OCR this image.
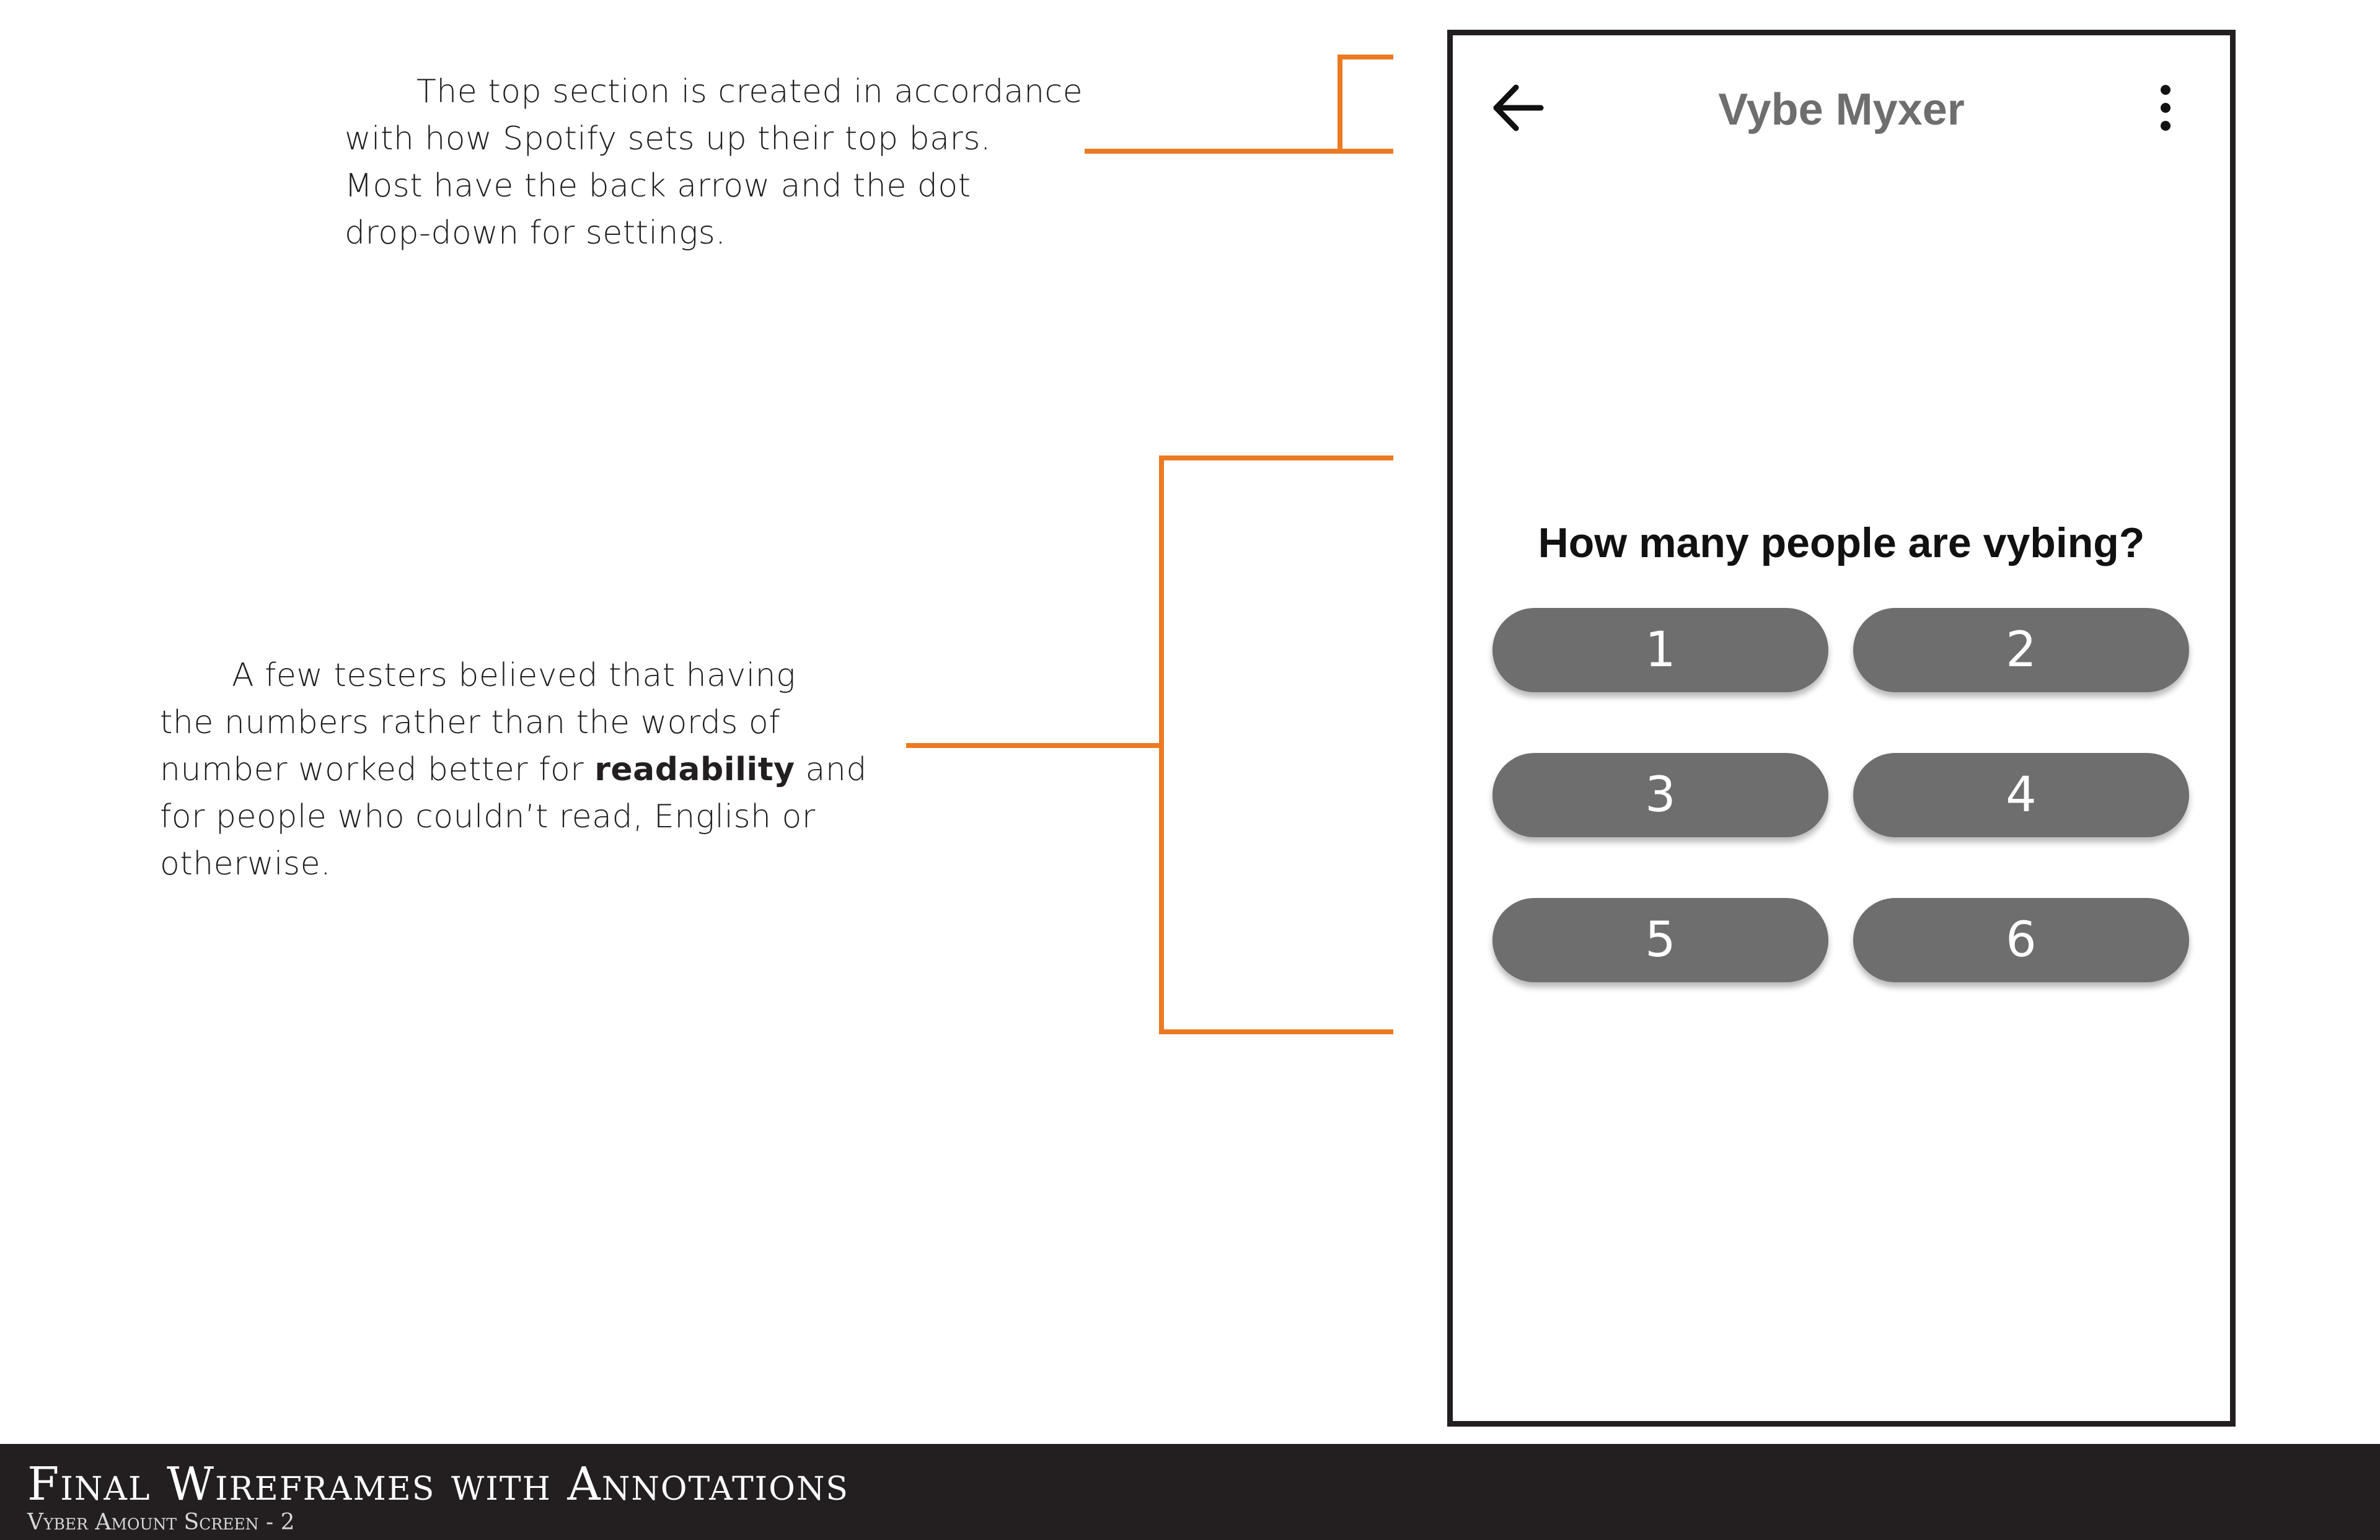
The top section is created in accordance
with how Spotify sets up their top bars.
Most have the back arrow and the dot
drop-down for settings.
A few testers believed that having
the numbers rather than the words of
number worked better for readability and
for people who couldn’t read, English or
otherwise.
Vybe Myxer
How many people are vybing?
1	2
3	4
5	6
Final Wireframes with Annotations
Vyber Amount Screen - 2
